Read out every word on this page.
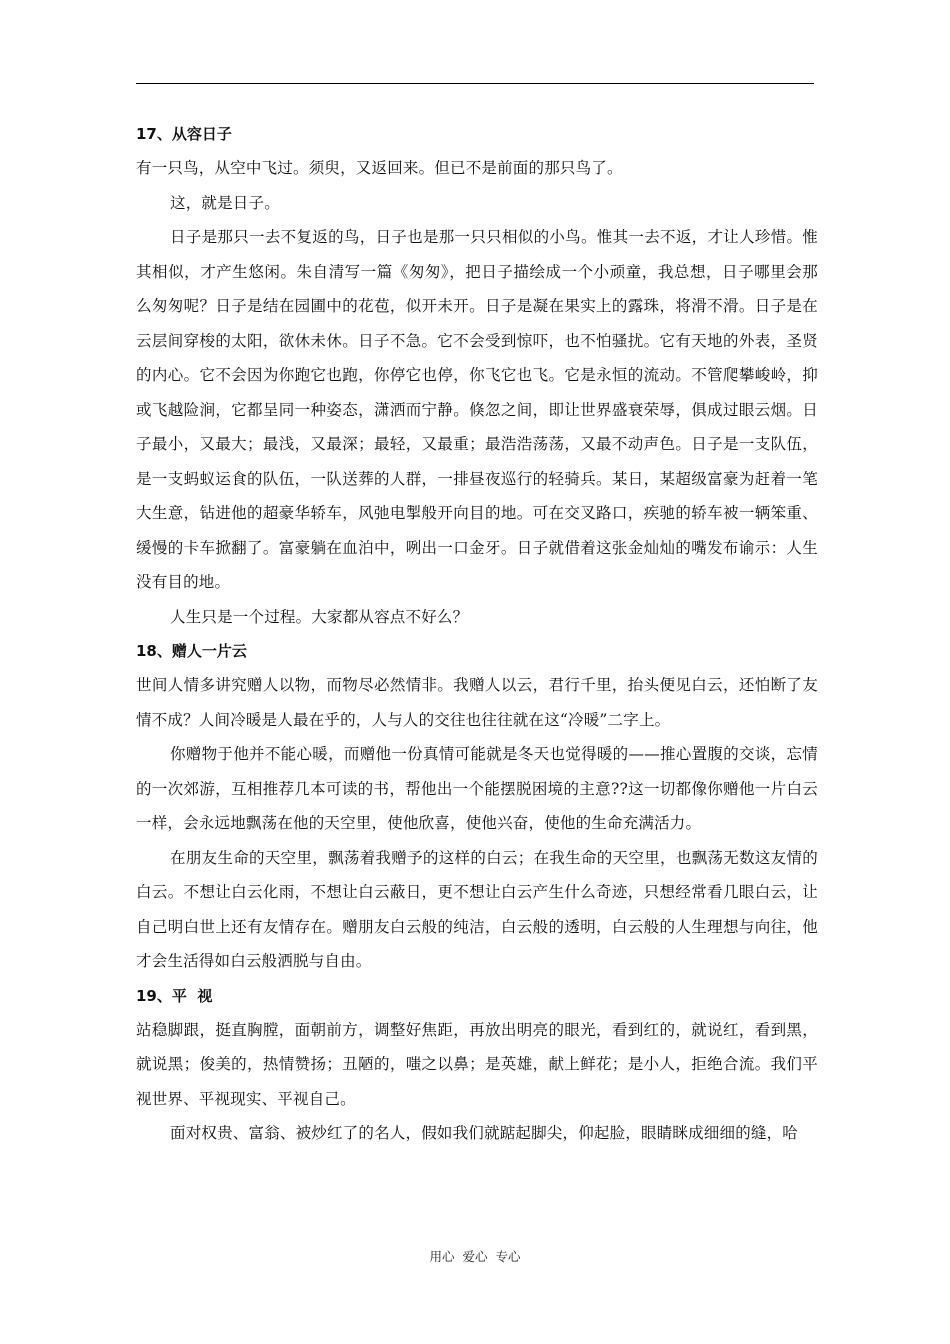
17、从容日子

有一只鸟，从空中飞过。须臾，又返回来。但已不是前面的那只鸟了。

这，就是日子。

日子是那只一去不复返的鸟，日子也是那一只只相似的小鸟。惟其一去不返，才让人珍惜。惟其相似，才产生悠闲。朱自清写一篇《匆匆》，把日子描绘成一个小顽童，我总想，日子哪里会那么匆匆呢？日子是结在园圃中的花苞，似开未开。日子是凝在果实上的露珠，将滑不滑。日子是在云层间穿梭的太阳，欲休未休。日子不急。它不会受到惊吓，也不怕骚扰。它有天地的外表，圣贤的内心。它不会因为你跑它也跑，你停它也停，你飞它也飞。它是永恒的流动。不管爬攀峻岭，抑或飞越险涧，它都呈同一种姿态，潇洒而宁静。倏忽之间，即让世界盛衰荣辱，俱成过眼云烟。日子最小，又最大；最浅，又最深；最轻，又最重；最浩浩荡荡，又最不动声色。日子是一支队伍，是一支蚂蚁运食的队伍，一队送葬的人群，一排昼夜巡行的轻骑兵。某日，某超级富豪为赶着一笔大生意，钻进他的超豪华轿车，风弛电掣般开向目的地。可在交叉路口，疾驰的轿车被一辆笨重、缓慢的卡车掀翻了。富豪躺在血泊中，咧出一口金牙。日子就借着这张金灿灿的嘴发布谕示：人生没有目的地。

人生只是一个过程。大家都从容点不好么？

18、赠人一片云

世间人情多讲究赠人以物，而物尽必然情非。我赠人以云，君行千里，抬头便见白云，还怕断了友情不成？人间冷暖是人最在乎的，人与人的交往也往往就在这“冷暖”二字上。

你赠物于他并不能心暖，而赠他一份真情可能就是冬天也觉得暖的——推心置腹的交谈，忘情的一次郊游，互相推荐几本可读的书，帮他出一个能摆脱困境的主意??这一切都像你赠他一片白云一样，会永远地飘荡在他的天空里，使他欣喜，使他兴奋，使他的生命充满活力。

在朋友生命的天空里，飘荡着我赠予的这样的白云；在我生命的天空里，也飘荡无数这友情的白云。不想让白云化雨，不想让白云蔽日，更不想让白云产生什么奇迹，只想经常看几眼白云，让自己明白世上还有友情存在。赠朋友白云般的纯洁，白云般的透明，白云般的人生理想与向往，他才会生活得如白云般洒脱与自由。

19、平  视

站稳脚跟，挺直胸膛，面朝前方，调整好焦距，再放出明亮的眼光，看到红的，就说红，看到黑，就说黑；俊美的，热情赞扬；丑陋的，嗤之以鼻；是英雄，献上鲜花；是小人，拒绝合流。我们平视世界、平视现实、平视自己。

面对权贵、富翁、被炒红了的名人，假如我们就踮起脚尖，仰起脸，眼睛眯成细细的缝，哈

用心  爱心  专心
